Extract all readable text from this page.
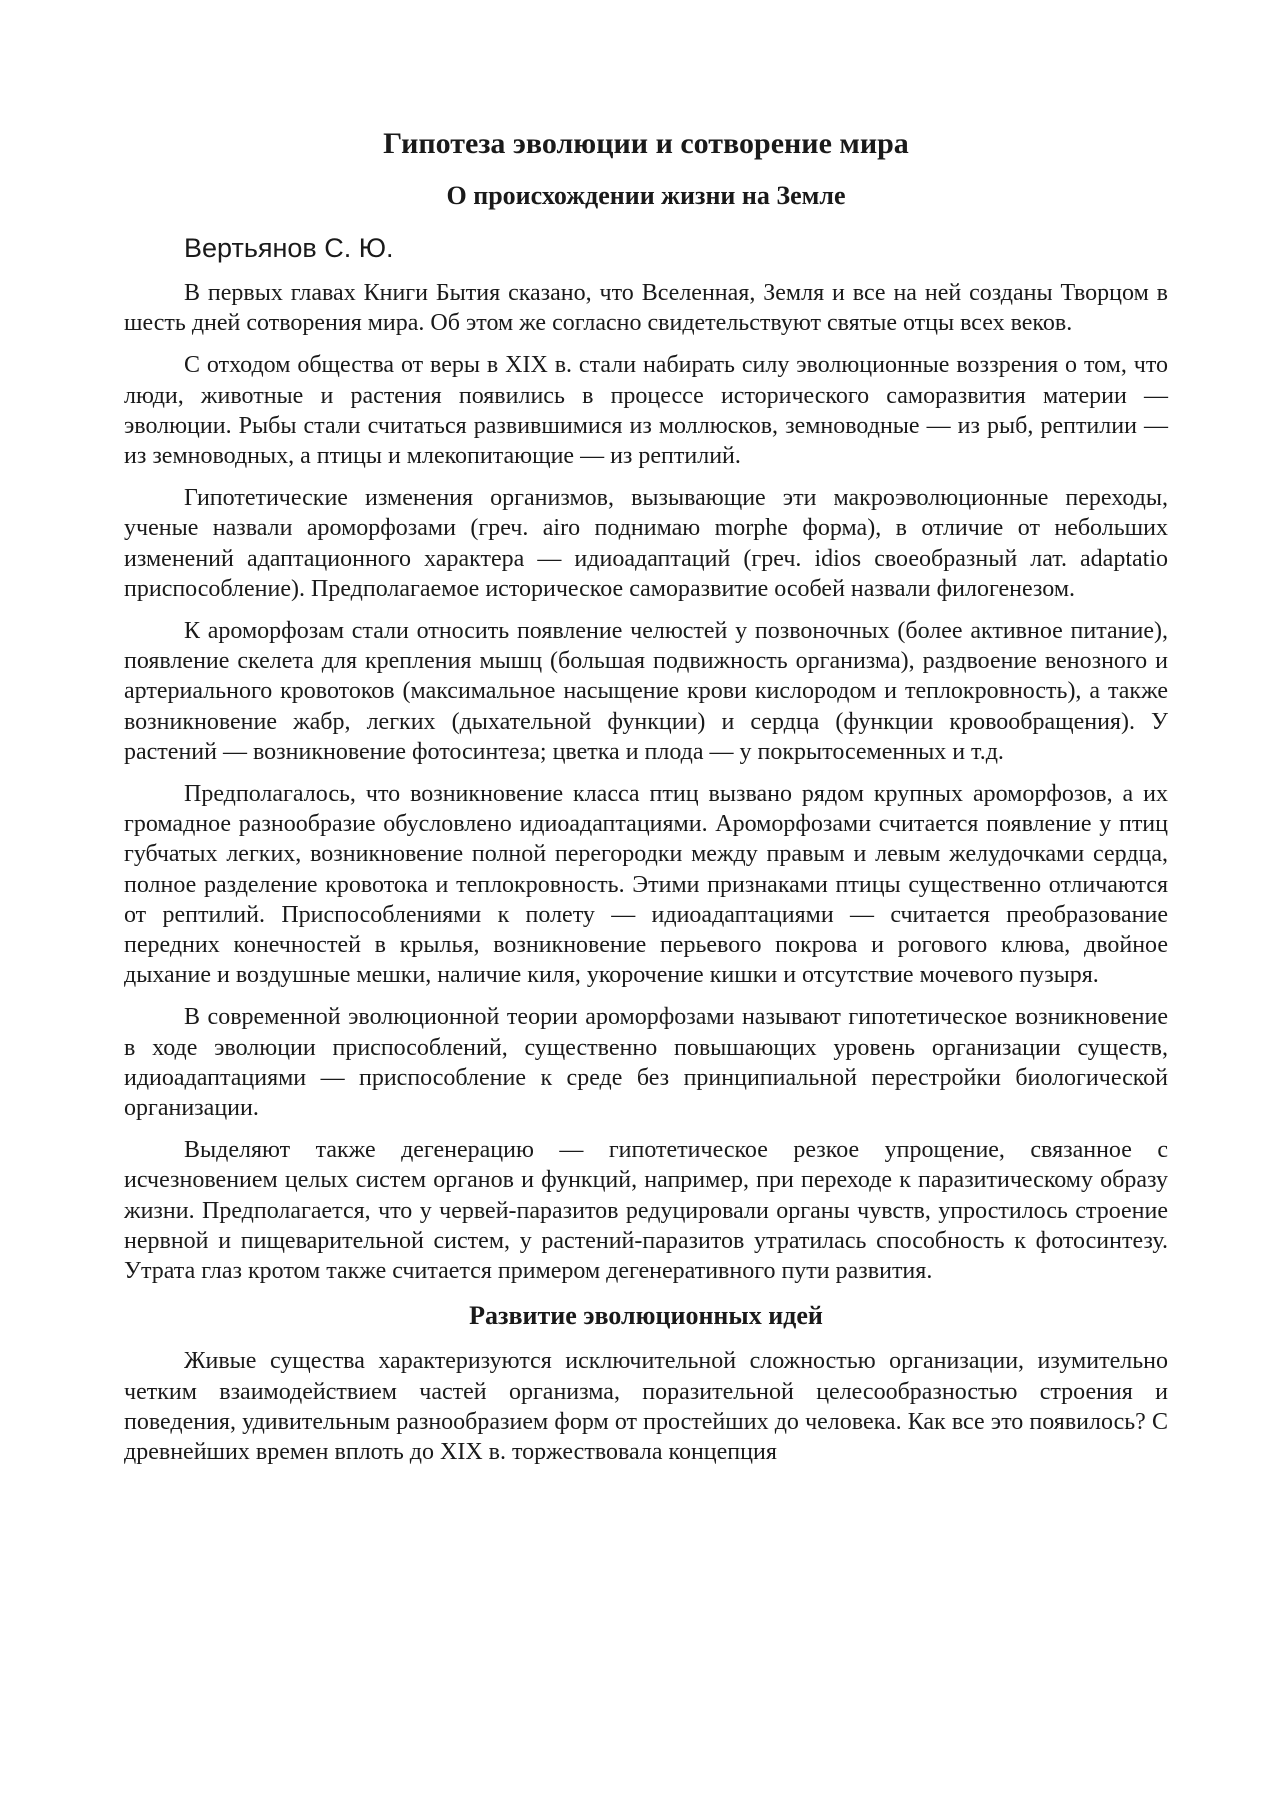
Гипотеза эволюции и сотворение мира
О происхождении жизни на Земле

Вертьянов С. Ю.

В первых главах Книги Бытия сказано, что Вселенная, Земля и все на ней созданы Творцом в шесть дней сотворения мира. Об этом же согласно свидетельствуют святые отцы всех веков.

С отходом общества от веры в XIX в. стали набирать силу эволюционные воззрения о том, что люди, животные и растения появились в процессе исторического саморазвития материи — эволюции. Рыбы стали считаться развившимися из моллюсков, земноводные — из рыб, рептилии — из земноводных, а птицы и млекопитающие — из рептилий.

Гипотетические изменения организмов, вызывающие эти макроэволюционные переходы, ученые назвали ароморфозами (греч. airo поднимаю morphe форма), в отличие от небольших изменений адаптационного характера — идиоадаптаций (греч. idios своеобразный лат. adaptatio приспособление). Предполагаемое историческое саморазвитие особей назвали филогенезом.

К ароморфозам стали относить появление челюстей у позвоночных (более активное питание), появление скелета для крепления мышц (большая подвижность организма), раздвоение венозного и артериального кровотоков (максимальное насыщение крови кислородом и теплокровность), а также возникновение жабр, легких (дыхательной функции) и сердца (функции кровообращения). У растений — возникновение фотосинтеза; цветка и плода — у покрытосеменных и т.д.

Предполагалось, что возникновение класса птиц вызвано рядом крупных ароморфозов, а их громадное разнообразие обусловлено идиоадаптациями. Ароморфозами считается появление у птиц губчатых легких, возникновение полной перегородки между правым и левым желудочками сердца, полное разделение кровотока и теплокровность. Этими признаками птицы существенно отличаются от рептилий. Приспособлениями к полету — идиоадаптациями — считается преобразование передних конечностей в крылья, возникновение перьевого покрова и рогового клюва, двойное дыхание и воздушные мешки, наличие киля, укорочение кишки и отсутствие мочевого пузыря.

В современной эволюционной теории ароморфозами называют гипотетическое возникновение в ходе эволюции приспособлений, существенно повышающих уровень организации существ, идиоадаптациями — приспособление к среде без принципиальной перестройки биологической организации.

Выделяют также дегенерацию — гипотетическое резкое упрощение, связанное с исчезновением целых систем органов и функций, например, при переходе к паразитическому образу жизни. Предполагается, что у червей-паразитов редуцировали органы чувств, упростилось строение нервной и пищеварительной систем, у растений-паразитов утратилась способность к фотосинтезу. Утрата глаз кротом также считается примером дегенеративного пути развития.

Развитие эволюционных идей

Живые существа характеризуются исключительной сложностью организации, изумительно четким взаимодействием частей организма, поразительной целесообразностью строения и поведения, удивительным разнообразием форм от простейших до человека. Как все это появилось? С древнейших времен вплоть до XIX в. торжествовала концепция
